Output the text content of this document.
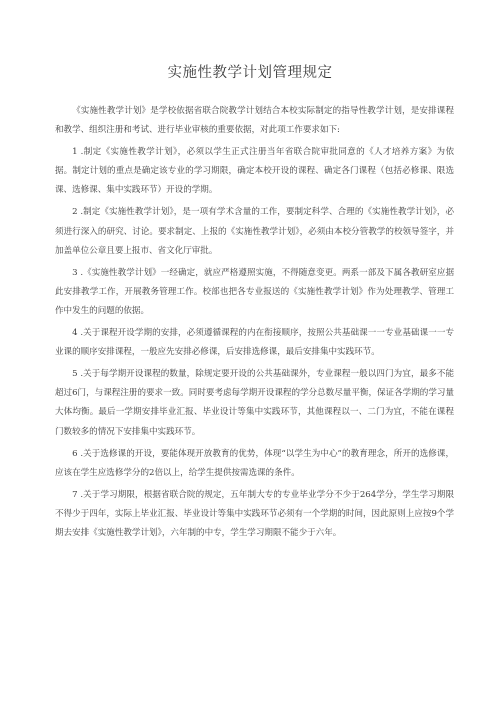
实施性教学计划管理规定

《实施性教学计划》是学校依据省联合院教学计划结合本校实际制定的指导性教学计划，是安排课程和教学、组织注册和考试、进行毕业审核的重要依据，对此项工作要求如下:

1 .制定《实施性教学计划》，必须以学生正式注册当年省联合院审批同意的《人才培养方案》为依据。制定计划的重点是确定该专业的学习期限，确定本校开设的课程、确定各门课程（包括必修课、限选课、选修课、集中实践环节）开设的学期。

2 .制定《实施性教学计划》，是一项有学术含量的工作，要制定科学、合理的《实施性教学计划》，必须进行深入的研究、讨论。要求制定、上报的《实施性教学计划》，必须由本校分管教学的校领导签字，并加盖单位公章且要上报市、省文化厅审批。

3 .《实施性教学计划》一经确定，就应严格遵照实施，不得随意变更。两系一部及下属各教研室应据此安排教学工作，开展教务管理工作。校部也把各专业报送的《实施性教学计划》作为处理教学、管理工作中发生的问题的依据。

4 .关于课程开设学期的安排，必须遵循课程的内在衔接顺序，按照公共基础课一一专业基础课一一专业课的顺序安排课程，一般应先安排必修课，后安排选修课，最后安排集中实践环节。

5 .关于每学期开设课程的数量，除规定要开设的公共基础课外，专业课程一般以四门为宜，最多不能超过6门，与课程注册的要求一致。同时要考虑每学期开设课程的学分总数尽量平衡，保证各学期的学习量大体均衡。最后一学期安排毕业汇报、毕业设计等集中实践环节，其他课程以一、二门为宜，不能在课程门数较多的情况下安排集中实践环节。

6 .关于选修课的开设，要能体现开放教育的优势，体现“以学生为中心”的教育理念，所开的选修课，应该在学生应选修学分的2倍以上，给学生提供按需选课的条件。

7 .关于学习期限，根据省联合院的规定，五年制大专的专业毕业学分不少于264学分，学生学习期限不得少于四年，实际上毕业汇报、毕业设计等集中实践环节必须有一个学期的时间，因此原则上应按9个学期去安排《实施性教学计划》，六年制的中专，学生学习期限不能少于六年。
